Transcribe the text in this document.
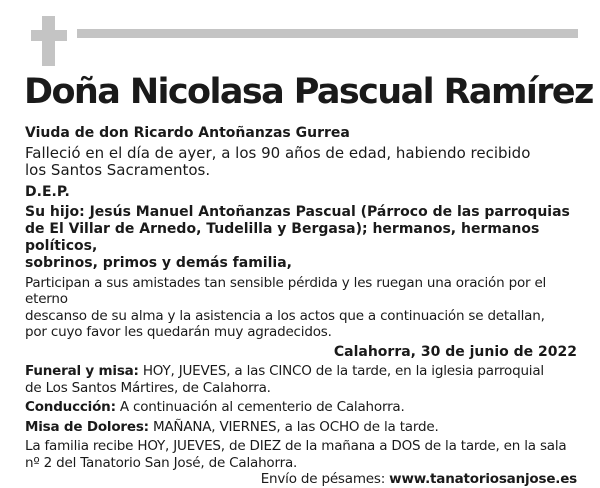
Doña Nicolasa Pascual Ramírez

Viuda de don Ricardo Antoñanzas Gurrea

Falleció en el día de ayer, a los 90 años de edad, habiendo recibido
los Santos Sacramentos.

D.E.P.

Su hijo: Jesús Manuel Antoñanzas Pascual (Párroco de las parroquias
de El Villar de Arnedo, Tudelilla y Bergasa); hermanos, hermanos políticos,
sobrinos, primos y demás familia,
Participan a sus amistades tan sensible pérdida y les ruegan una oración por el eterno
descanso de su alma y la asistencia a los actos que a continuación se detallan,
por cuyo favor les quedarán muy agradecidos.

Calahorra, 30 de junio de 2022

Funeral y misa: HOY, JUEVES, a las CINCO de la tarde, en la iglesia parroquial
de Los Santos Mártires, de Calahorra.
Conducción: A continuación al cementerio de Calahorra.
Misa de Dolores: MAÑANA, VIERNES, a las OCHO de la tarde.
La familia recibe HOY, JUEVES, de DIEZ de la mañana a DOS de la tarde, en la sala
nº 2 del Tanatorio San José, de Calahorra.
Envío de pésames: www.tanatoriosanjose.es
